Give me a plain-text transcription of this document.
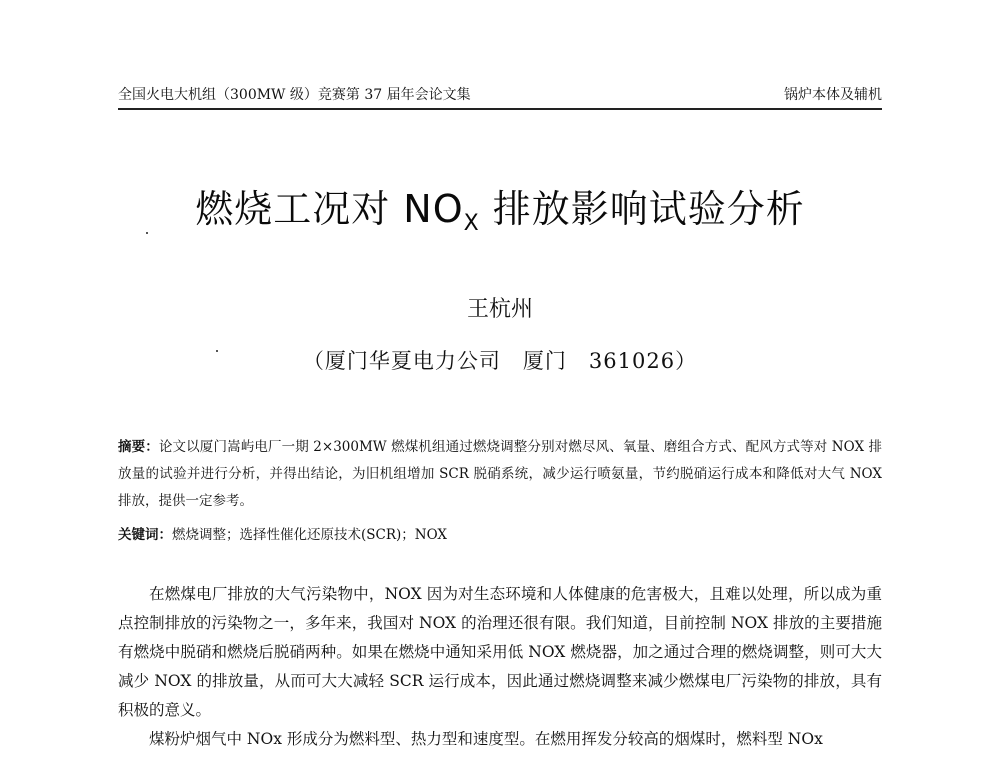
全国火电大机组（300MW 级）竞赛第 37 届年会论文集	锅炉本体及辅机
燃烧工况对 $NO_X$ 排放影响试验分析
王杭州
（厦门华夏电力公司　厦门　361026）
摘要：论文以厦门嵩屿电厂一期 2×300MW 燃煤机组通过燃烧调整分别对燃尽风、氧量、磨组合方式、配风方式等对 NOX 排放量的试验并进行分析，并得出结论，为旧机组增加 SCR 脱硝系统，减少运行喷氨量，节约脱硝运行成本和降低对大气 NOX 排放，提供一定参考。
关键词：燃烧调整；选择性催化还原技术(SCR)；NOX

在燃煤电厂排放的大气污染物中，NOX 因为对生态环境和人体健康的危害极大，且难以处理，所以成为重点控制排放的污染物之一，多年来，我国对 NOX 的治理还很有限。我们知道，目前控制 NOX 排放的主要措施有燃烧中脱硝和燃烧后脱硝两种。如果在燃烧中通知采用低 NOX 燃烧器，加之通过合理的燃烧调整，则可大大减少 NOX 的排放量，从而可大大减轻 SCR 运行成本，因此通过燃烧调整来减少燃煤电厂污染物的排放，具有积极的意义。

煤粉炉烟气中 NOx 形成分为燃料型、热力型和速度型。在燃用挥发分较高的烟煤时，燃料型 NOx
